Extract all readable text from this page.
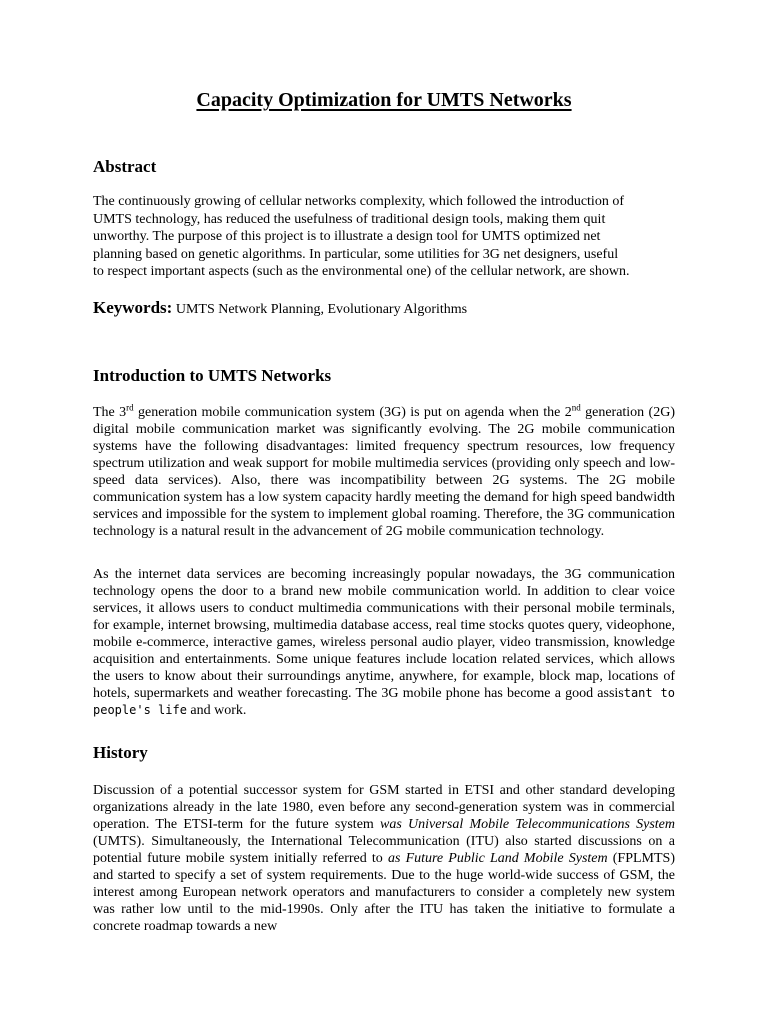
Capacity Optimization for UMTS Networks
Abstract

The continuously growing of cellular networks complexity, which followed the introduction of
UMTS technology, has reduced the usefulness of traditional design tools, making them quit
unworthy. The purpose of this project is to illustrate a design tool for UMTS optimized net
planning based on genetic algorithms. In particular, some utilities for 3G net designers, useful
to respect important aspects (such as the environmental one) of the cellular network, are shown.

Keywords: UMTS Network Planning, Evolutionary Algorithms

Introduction to UMTS Networks

The 3rd generation mobile communication system (3G) is put on agenda when the 2nd generation (2G) digital mobile communication market was significantly evolving. The 2G mobile communication systems have the following disadvantages: limited frequency spectrum resources, low frequency spectrum utilization and weak support for mobile multimedia services (providing only speech and low-speed data services). Also, there was incompatibility between 2G systems. The 2G mobile communication system has a low system capacity hardly meeting the demand for high speed bandwidth services and impossible for the system to implement global roaming. Therefore, the 3G communication technology is a natural result in the advancement of 2G mobile communication technology.

As the internet data services are becoming increasingly popular nowadays, the 3G communication technology opens the door to a brand new mobile communication world. In addition to clear voice services, it allows users to conduct multimedia communications with their personal mobile terminals, for example, internet browsing, multimedia database access, real time stocks quotes query, videophone, mobile e-commerce, interactive games, wireless personal audio player, video transmission, knowledge acquisition and entertainments. Some unique features include location related services, which allows the users to know about their surroundings anytime, anywhere, for example, block map, locations of hotels, supermarkets and weather forecasting. The 3G mobile phone has become a good assistant to people's life and work.

History

Discussion of a potential successor system for GSM started in ETSI and other standard developing organizations already in the late 1980, even before any second-generation system was in commercial operation. The ETSI-term for the future system was Universal Mobile Telecommunications System (UMTS). Simultaneously, the International Telecommunication (ITU) also started discussions on a potential future mobile system initially referred to as Future Public Land Mobile System (FPLMTS) and started to specify a set of system requirements. Due to the huge world-wide success of GSM, the interest among European network operators and manufacturers to consider a completely new system was rather low until to the mid-1990s. Only after the ITU has taken the initiative to formulate a concrete roadmap towards a new
